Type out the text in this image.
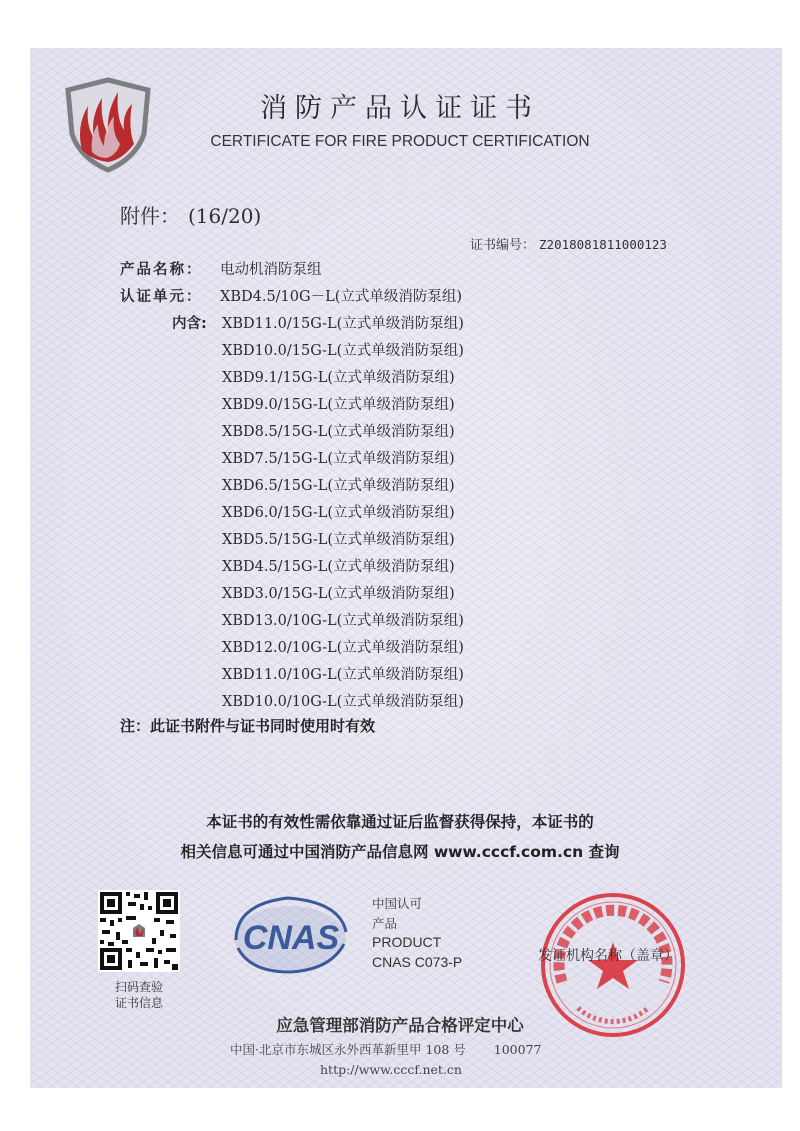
消防产品认证证书
CERTIFICATE FOR FIRE PRODUCT CERTIFICATION
附件： (16/20)
证书编号： Z2018081811000123
产品名称： 电动机消防泵组
认证单元： XBD4.5/10G－L(立式单级消防泵组)
内含: XBD11.0/15G-L(立式单级消防泵组)
XBD10.0/15G-L(立式单级消防泵组)
XBD9.1/15G-L(立式单级消防泵组)
XBD9.0/15G-L(立式单级消防泵组)
XBD8.5/15G-L(立式单级消防泵组)
XBD7.5/15G-L(立式单级消防泵组)
XBD6.5/15G-L(立式单级消防泵组)
XBD6.0/15G-L(立式单级消防泵组)
XBD5.5/15G-L(立式单级消防泵组)
XBD4.5/15G-L(立式单级消防泵组)
XBD3.0/15G-L(立式单级消防泵组)
XBD13.0/10G-L(立式单级消防泵组)
XBD12.0/10G-L(立式单级消防泵组)
XBD11.0/10G-L(立式单级消防泵组)
XBD10.0/10G-L(立式单级消防泵组)
注：此证书附件与证书同时使用时有效
本证书的有效性需依靠通过证后监督获得保持，本证书的
相关信息可通过中国消防产品信息网 www.cccf.com.cn 查询
扫码查验
证书信息
CNAS
中国认可
产品
PRODUCT
CNAS C073-P	发证机构名称（盖章）
应急管理部消防产品合格评定中心
中国·北京市东城区永外西革新里甲 108 号 100077
http://www.cccf.net.cn
